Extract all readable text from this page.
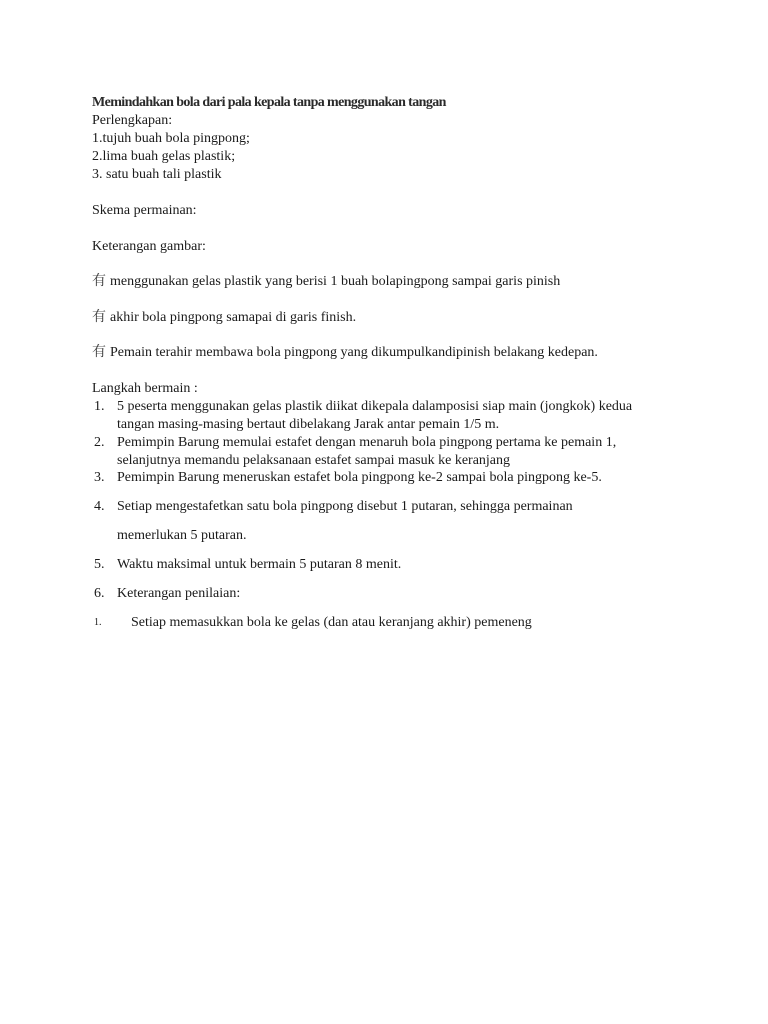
Memindahkan bola dari pala kepala tanpa menggunakan tangan
Perlengkapan:
1.tujuh buah bola pingpong;
2.lima buah gelas plastik;
3. satu buah tali plastik
Skema permainan:
Keterangan gambar:
有 menggunakan gelas plastik yang berisi 1 buah bolapingpong sampai garis pinish
有 akhir bola pingpong samapai di garis finish.
有 Pemain terahir membawa bola pingpong yang dikumpulkandipinish belakang kedepan.
Langkah bermain :
1. 5 peserta menggunakan gelas plastik diikat dikepala dalamposisi siap main (jongkok) kedua
tangan masing-masing bertaut dibelakang Jarak antar pemain 1/5 m.
2. Pemimpin Barung memulai estafet dengan menaruh bola pingpong pertama ke pemain 1,
selanjutnya memandu pelaksanaan estafet sampai masuk ke keranjang
3. Pemimpin Barung meneruskan estafet bola pingpong ke-2 sampai bola pingpong ke-5.
4. Setiap mengestafetkan satu bola pingpong disebut 1 putaran, sehingga permainan
memerlukan 5 putaran.
5. Waktu maksimal untuk bermain 5 putaran 8 menit.
6. Keterangan penilaian:
1.	Setiap memasukkan bola ke gelas (dan atau keranjang akhir) pemeneng
